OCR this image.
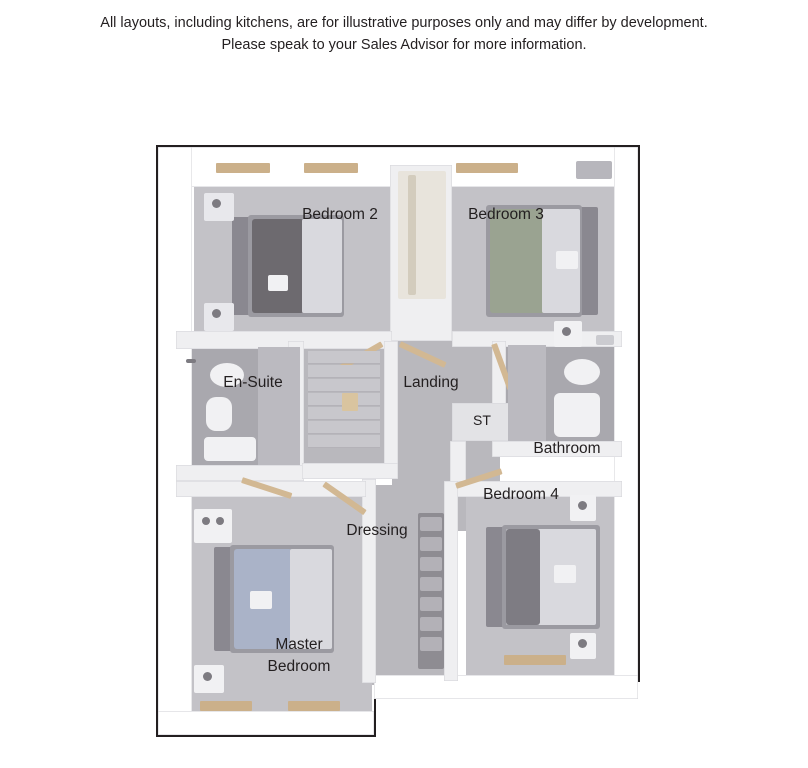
All layouts, including kitchens, are for illustrative purposes only and may differ by development.
Please speak to your Sales Advisor for more information.
Bedroom 2	Bedroom 3
En-Suite	Landing
ST
Bathroom
Bedroom 4
Dressing
Master
Bedroom
